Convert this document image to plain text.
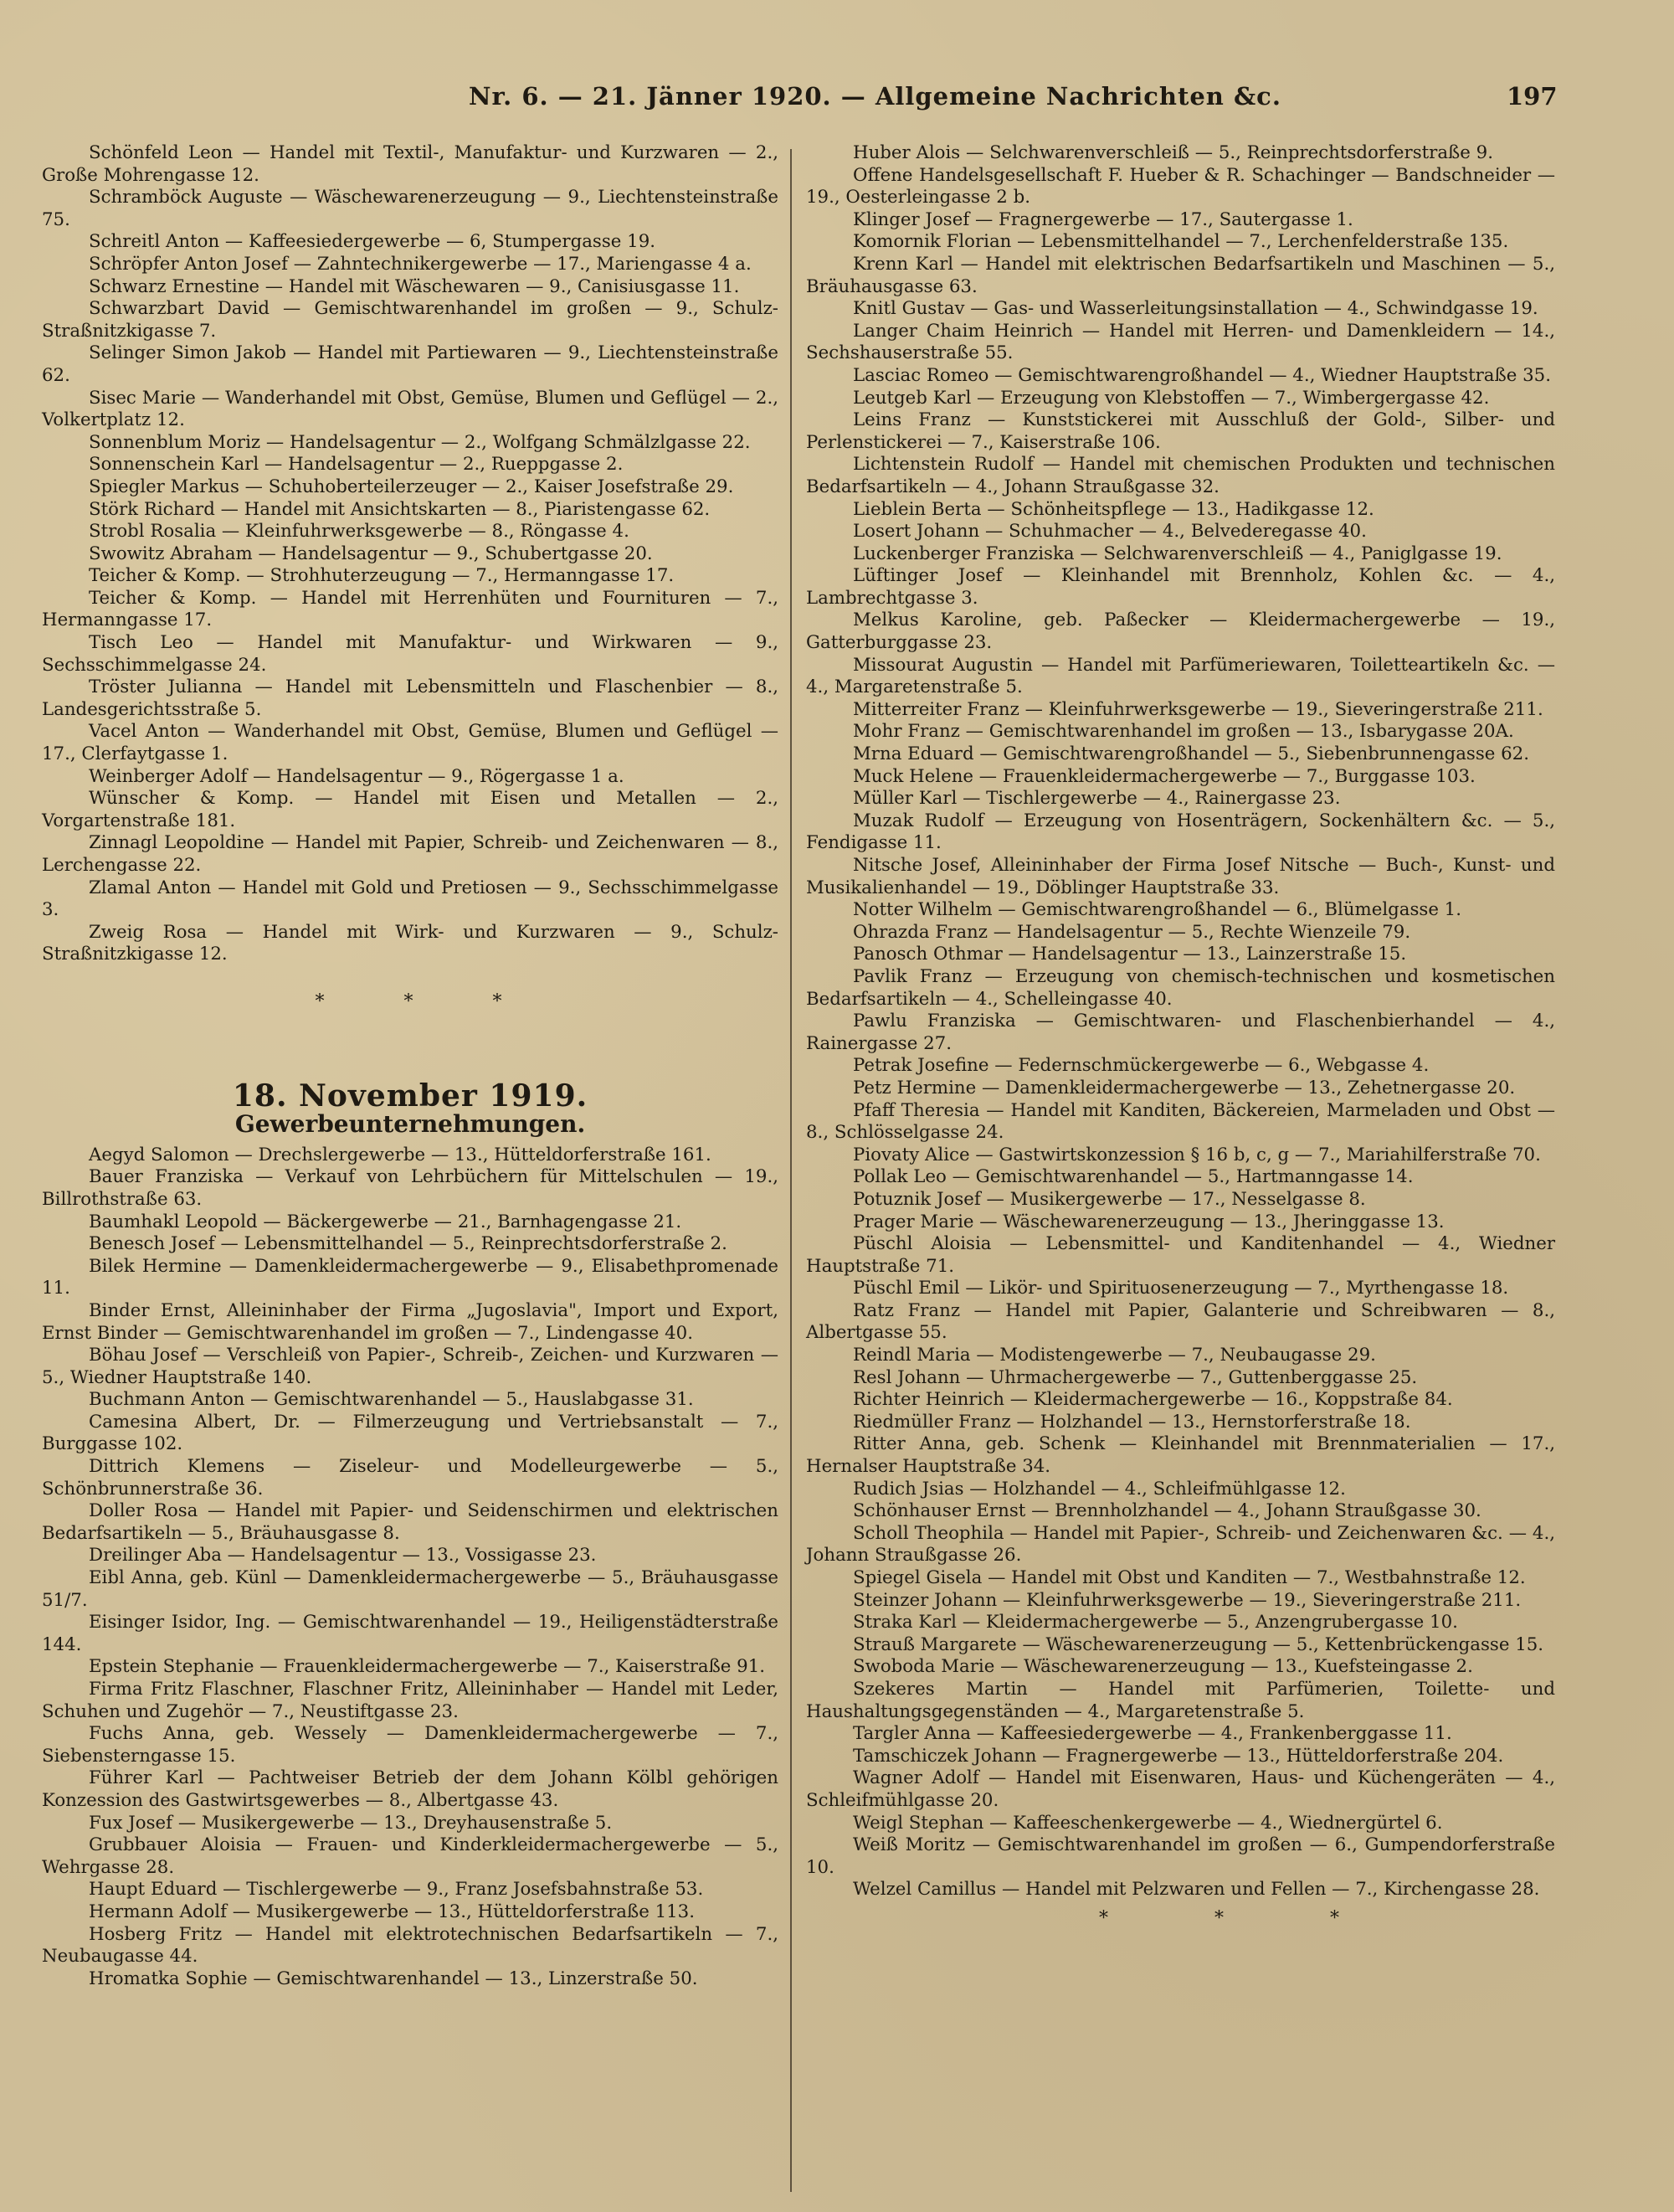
Nr. 6. — 21. Jänner 1920. — Allgemeine Nachrichten &c.	197

Schönfeld Leon — Handel mit Textil-, Manufaktur- und Kurzwaren — 2., Große Mohrengasse 12.

Schramböck Auguste — Wäschewarenerzeugung — 9., Liechtensteinstraße 75.

Schreitl Anton — Kaffeesiedergewerbe — 6, Stumpergasse 19.

Schröpfer Anton Josef — Zahntechnikergewerbe — 17., Mariengasse 4 a.

Schwarz Ernestine — Handel mit Wäschewaren — 9., Canisiusgasse 11.

Schwarzbart David — Gemischtwarenhandel im großen — 9., Schulz-Straßnitzkigasse 7.

Selinger Simon Jakob — Handel mit Partiewaren — 9., Liechtensteinstraße 62.

Sisec Marie — Wanderhandel mit Obst, Gemüse, Blumen und Geflügel — 2., Volkertplatz 12.

Sonnenblum Moriz — Handelsagentur — 2., Wolfgang Schmälzlgasse 22.

Sonnenschein Karl — Handelsagentur — 2., Rueppgasse 2.

Spiegler Markus — Schuhoberteilerzeuger — 2., Kaiser Josefstraße 29.

Störk Richard — Handel mit Ansichtskarten — 8., Piaristengasse 62.

Strobl Rosalia — Kleinfuhrwerksgewerbe — 8., Röngasse 4.

Swowitz Abraham — Handelsagentur — 9., Schubertgasse 20.

Teicher & Komp. — Strohhuterzeugung — 7., Hermanngasse 17.

Teicher & Komp. — Handel mit Herrenhüten und Fournituren — 7., Hermanngasse 17.

Tisch Leo — Handel mit Manufaktur- und Wirkwaren — 9., Sechsschimmelgasse 24.

Tröster Julianna — Handel mit Lebensmitteln und Flaschenbier — 8., Landesgerichtsstraße 5.

Vacel Anton — Wanderhandel mit Obst, Gemüse, Blumen und Geflügel — 17., Clerfaytgasse 1.

Weinberger Adolf — Handelsagentur — 9., Rögergasse 1 a.

Wünscher & Komp. — Handel mit Eisen und Metallen — 2., Vorgartenstraße 181.

Zinnagl Leopoldine — Handel mit Papier, Schreib- und Zeichenwaren — 8., Lerchengasse 22.

Zlamal Anton — Handel mit Gold und Pretiosen — 9., Sechsschimmelgasse 3.

Zweig Rosa — Handel mit Wirk- und Kurzwaren — 9., Schulz-Straßnitzkigasse 12.

* * *
18. November 1919.
Gewerbeunternehmungen.

Aegyd Salomon — Drechslergewerbe — 13., Hütteldorferstraße 161.

Bauer Franziska — Verkauf von Lehrbüchern für Mittelschulen — 19., Billrothstraße 63.

Baumhakl Leopold — Bäckergewerbe — 21., Barnhagengasse 21.

Benesch Josef — Lebensmittelhandel — 5., Reinprechtsdorferstraße 2.

Bilek Hermine — Damenkleidermachergewerbe — 9., Elisabethpromenade 11.

Binder Ernst, Alleininhaber der Firma „Jugoslavia", Import und Export, Ernst Binder — Gemischtwarenhandel im großen — 7., Lindengasse 40.

Böhau Josef — Verschleiß von Papier-, Schreib-, Zeichen- und Kurzwaren — 5., Wiedner Hauptstraße 140.

Buchmann Anton — Gemischtwarenhandel — 5., Hauslabgasse 31.

Camesina Albert, Dr. — Filmerzeugung und Vertriebsanstalt — 7., Burggasse 102.

Dittrich Klemens — Ziseleur- und Modelleurgewerbe — 5., Schönbrunnerstraße 36.

Doller Rosa — Handel mit Papier- und Seidenschirmen und elektrischen Bedarfsartikeln — 5., Bräuhausgasse 8.

Dreilinger Aba — Handelsagentur — 13., Vossigasse 23.

Eibl Anna, geb. Künl — Damenkleidermachergewerbe — 5., Bräuhausgasse 51/7.

Eisinger Isidor, Ing. — Gemischtwarenhandel — 19., Heiligenstädterstraße 144.

Epstein Stephanie — Frauenkleidermachergewerbe — 7., Kaiserstraße 91.

Firma Fritz Flaschner, Flaschner Fritz, Alleininhaber — Handel mit Leder, Schuhen und Zugehör — 7., Neustiftgasse 23.

Fuchs Anna, geb. Wessely — Damenkleidermachergewerbe — 7., Siebensterngasse 15.

Führer Karl — Pachtweiser Betrieb der dem Johann Kölbl gehörigen Konzession des Gastwirtsgewerbes — 8., Albertgasse 43.

Fux Josef — Musikergewerbe — 13., Dreyhausenstraße 5.

Grubbauer Aloisia — Frauen- und Kinderkleidermachergewerbe — 5., Wehrgasse 28.

Haupt Eduard — Tischlergewerbe — 9., Franz Josefsbahnstraße 53.

Hermann Adolf — Musikergewerbe — 13., Hütteldorferstraße 113.

Hosberg Fritz — Handel mit elektrotechnischen Bedarfsartikeln — 7., Neubaugasse 44.

Hromatka Sophie — Gemischtwarenhandel — 13., Linzerstraße 50.

Huber Alois — Selchwarenverschleiß — 5., Reinprechtsdorferstraße 9.

Offene Handelsgesellschaft F. Hueber & R. Schachinger — Bandschneider — 19., Oesterleingasse 2 b.

Klinger Josef — Fragnergewerbe — 17., Sautergasse 1.

Komornik Florian — Lebensmittelhandel — 7., Lerchenfelderstraße 135.

Krenn Karl — Handel mit elektrischen Bedarfsartikeln und Maschinen — 5., Bräuhausgasse 63.

Knitl Gustav — Gas- und Wasserleitungsinstallation — 4., Schwindgasse 19.

Langer Chaim Heinrich — Handel mit Herren- und Damenkleidern — 14., Sechshauserstraße 55.

Lasciac Romeo — Gemischtwarengroßhandel — 4., Wiedner Hauptstraße 35.

Leutgeb Karl — Erzeugung von Klebstoffen — 7., Wimbergergasse 42.

Leins Franz — Kunststickerei mit Ausschluß der Gold-, Silber- und Perlenstickerei — 7., Kaiserstraße 106.

Lichtenstein Rudolf — Handel mit chemischen Produkten und technischen Bedarfsartikeln — 4., Johann Straußgasse 32.

Lieblein Berta — Schönheitspflege — 13., Hadikgasse 12.

Losert Johann — Schuhmacher — 4., Belvederegasse 40.

Luckenberger Franziska — Selchwarenverschleiß — 4., Paniglgasse 19.

Lüftinger Josef — Kleinhandel mit Brennholz, Kohlen &c. — 4., Lambrechtgasse 3.

Melkus Karoline, geb. Paßecker — Kleidermachergewerbe — 19., Gatterburggasse 23.

Missourat Augustin — Handel mit Parfümeriewaren, Toiletteartikeln &c. — 4., Margaretenstraße 5.

Mitterreiter Franz — Kleinfuhrwerksgewerbe — 19., Sieveringerstraße 211.

Mohr Franz — Gemischtwarenhandel im großen — 13., Isbarygasse 20A.

Mrna Eduard — Gemischtwarengroßhandel — 5., Siebenbrunnengasse 62.

Muck Helene — Frauenkleidermachergewerbe — 7., Burggasse 103.

Müller Karl — Tischlergewerbe — 4., Rainergasse 23.

Muzak Rudolf — Erzeugung von Hosenträgern, Sockenhältern &c. — 5., Fendigasse 11.

Nitsche Josef, Alleininhaber der Firma Josef Nitsche — Buch-, Kunst- und Musikalienhandel — 19., Döblinger Hauptstraße 33.

Notter Wilhelm — Gemischtwarengroßhandel — 6., Blümelgasse 1.

Ohrazda Franz — Handelsagentur — 5., Rechte Wienzeile 79.

Panosch Othmar — Handelsagentur — 13., Lainzerstraße 15.

Pavlik Franz — Erzeugung von chemisch-technischen und kosmetischen Bedarfsartikeln — 4., Schelleingasse 40.

Pawlu Franziska — Gemischtwaren- und Flaschenbierhandel — 4., Rainergasse 27.

Petrak Josefine — Federnschmückergewerbe — 6., Webgasse 4.

Petz Hermine — Damenkleidermachergewerbe — 13., Zehetnergasse 20.

Pfaff Theresia — Handel mit Kanditen, Bäckereien, Marmeladen und Obst — 8., Schlösselgasse 24.

Piovaty Alice — Gastwirtskonzession § 16 b, c, g — 7., Mariahilferstraße 70.

Pollak Leo — Gemischtwarenhandel — 5., Hartmanngasse 14.

Potuznik Josef — Musikergewerbe — 17., Nesselgasse 8.

Prager Marie — Wäschewarenerzeugung — 13., Jheringgasse 13.

Püschl Aloisia — Lebensmittel- und Kanditenhandel — 4., Wiedner Hauptstraße 71.

Püschl Emil — Likör- und Spirituosenerzeugung — 7., Myrthengasse 18.

Ratz Franz — Handel mit Papier, Galanterie und Schreibwaren — 8., Albertgasse 55.

Reindl Maria — Modistengewerbe — 7., Neubaugasse 29.

Resl Johann — Uhrmachergewerbe — 7., Guttenberggasse 25.

Richter Heinrich — Kleidermachergewerbe — 16., Koppstraße 84.

Riedmüller Franz — Holzhandel — 13., Hernstorferstraße 18.

Ritter Anna, geb. Schenk — Kleinhandel mit Brennmaterialien — 17., Hernalser Hauptstraße 34.

Rudich Jsias — Holzhandel — 4., Schleifmühlgasse 12.

Schönhauser Ernst — Brennholzhandel — 4., Johann Straußgasse 30.

Scholl Theophila — Handel mit Papier-, Schreib- und Zeichenwaren &c. — 4., Johann Straußgasse 26.

Spiegel Gisela — Handel mit Obst und Kanditen — 7., Westbahnstraße 12.

Steinzer Johann — Kleinfuhrwerksgewerbe — 19., Sieveringerstraße 211.

Straka Karl — Kleidermachergewerbe — 5., Anzengrubergasse 10.

Strauß Margarete — Wäschewarenerzeugung — 5., Kettenbrückengasse 15.

Swoboda Marie — Wäschewarenerzeugung — 13., Kuefsteingasse 2.

Szekeres Martin — Handel mit Parfümerien, Toilette- und Haushaltungsgegenständen — 4., Margaretenstraße 5.

Targler Anna — Kaffeesiedergewerbe — 4., Frankenberggasse 11.

Tamschiczek Johann — Fragnergewerbe — 13., Hütteldorferstraße 204.

Wagner Adolf — Handel mit Eisenwaren, Haus- und Küchengeräten — 4., Schleifmühlgasse 20.

Weigl Stephan — Kaffeeschenkergewerbe — 4., Wiednergürtel 6.

Weiß Moritz — Gemischtwarenhandel im großen — 6., Gumpendorferstraße 10.

Welzel Camillus — Handel mit Pelzwaren und Fellen — 7., Kirchengasse 28.

* * *
